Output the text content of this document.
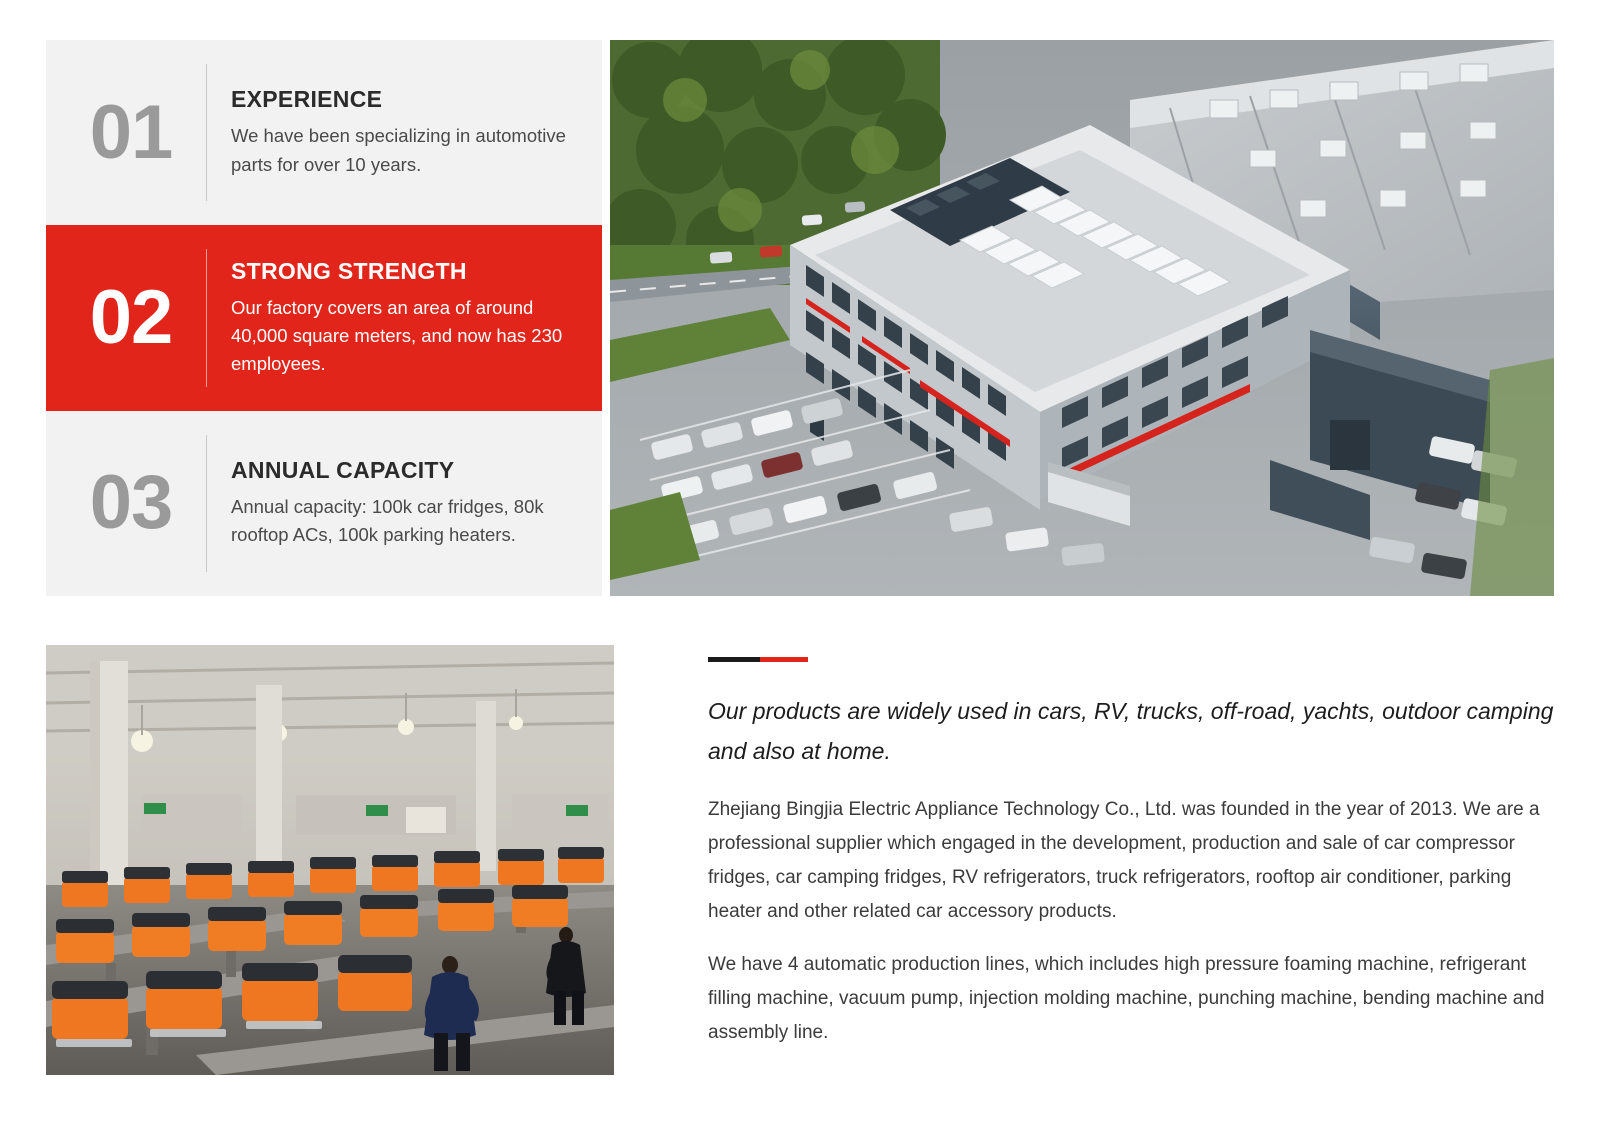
01	EXPERIENCE
We have been specializing in automotive parts for over 10 years.
02
STRONG STRENGTH
Our factory covers an area of around 40,000 square meters, and now has 230 employees.
03	ANNUAL CAPACITY
Annual capacity: 100k car fridges, 80k rooftop ACs, 100k parking heaters.

Our products are widely used in cars, RV, trucks, off-road, yachts, outdoor camping and also at home.

Zhejiang Bingjia Electric Appliance Technology Co., Ltd. was founded in the year of 2013. We are a professional supplier which engaged in the development, production and sale of car compressor fridges, car camping fridges, RV refrigerators, truck refrigerators, rooftop air conditioner, parking heater and other related car accessory products.

We have 4 automatic production lines, which includes high pressure foaming machine, refrigerant filling machine, vacuum pump, injection molding machine, punching machine, bending machine and assembly line.
